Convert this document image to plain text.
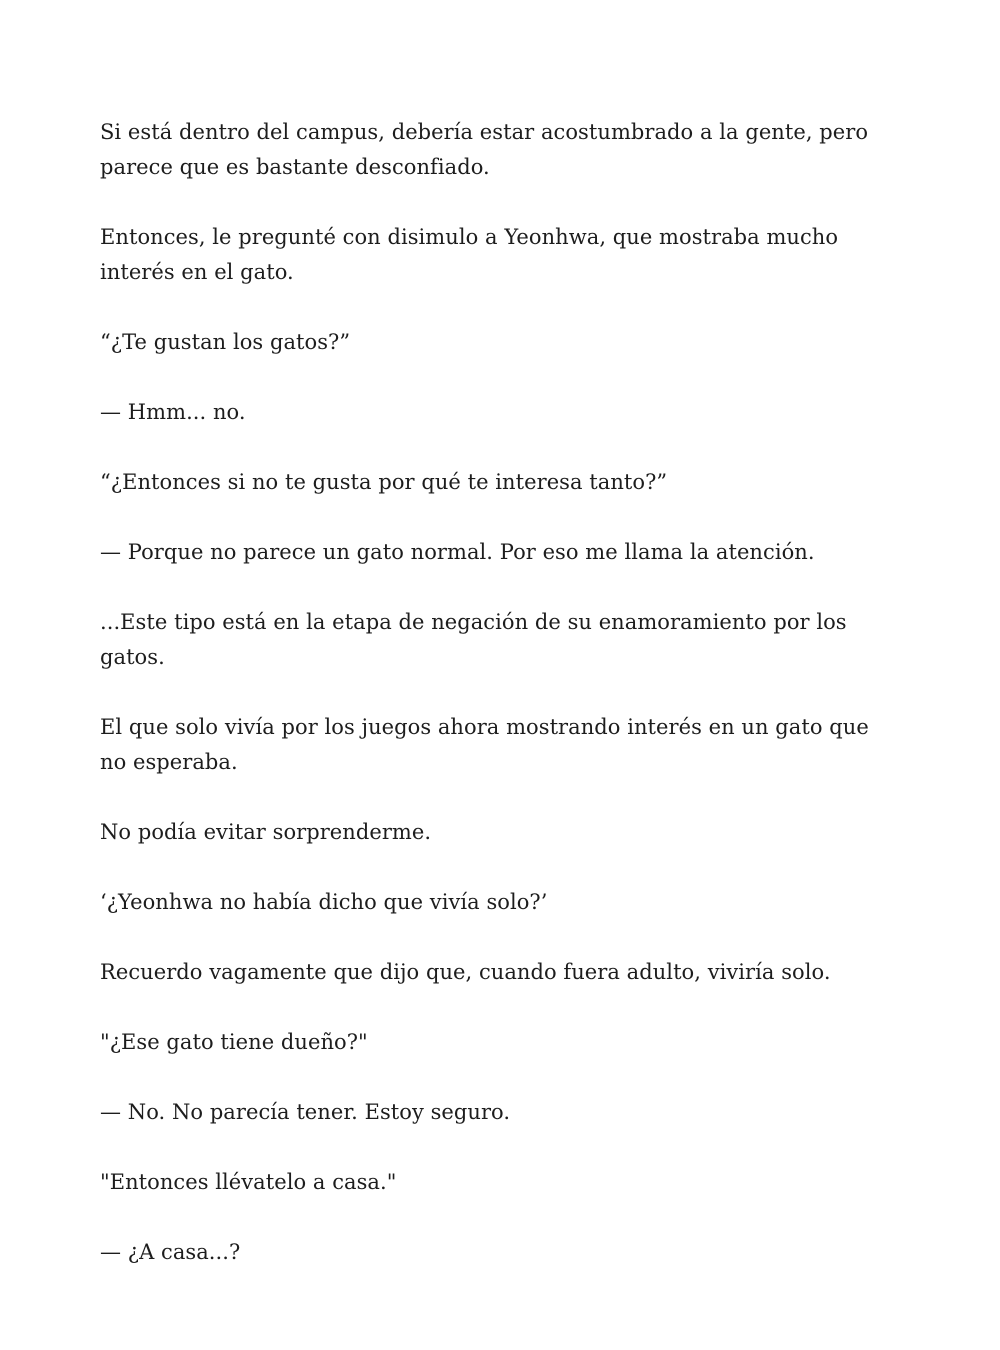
Si está dentro del campus, debería estar acostumbrado a la gente, pero parece que es bastante desconfiado.

Entonces, le pregunté con disimulo a Yeonhwa, que mostraba mucho interés en el gato.

“¿Te gustan los gatos?”

— Hmm... no.

“¿Entonces si no te gusta por qué te interesa tanto?”

— Porque no parece un gato normal. Por eso me llama la atención.

...Este tipo está en la etapa de negación de su enamoramiento por los gatos.

El que solo vivía por los juegos ahora mostrando interés en un gato que no esperaba.

No podía evitar sorprenderme.

‘¿Yeonhwa no había dicho que vivía solo?’

Recuerdo vagamente que dijo que, cuando fuera adulto, viviría solo.

"¿Ese gato tiene dueño?"

— No. No parecía tener. Estoy seguro.

"Entonces llévatelo a casa."

— ¿A casa...?
